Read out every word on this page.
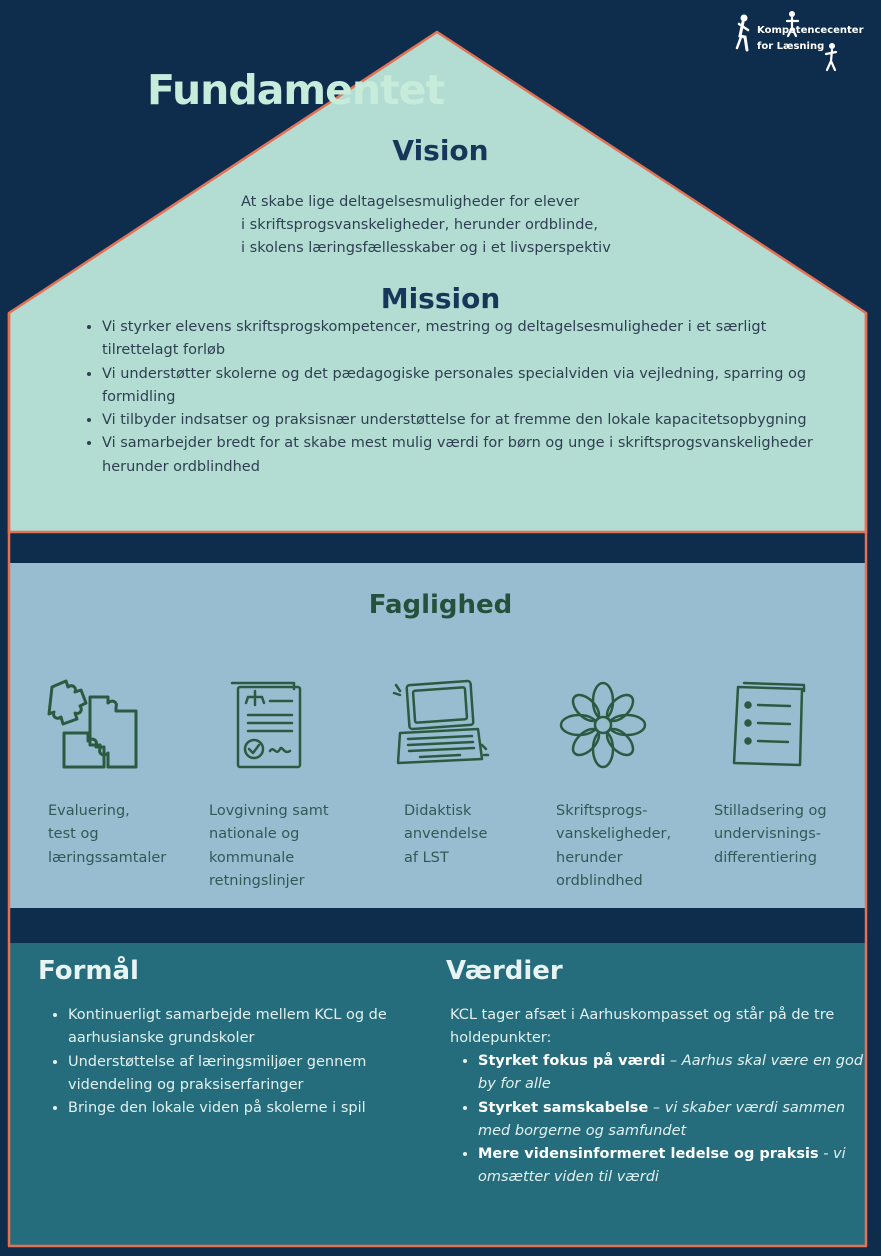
Kompetencecenter
for Læsning
Fundamentet
Vision
At skabe lige deltagelsesmuligheder for elever
i skriftsprogsvanskeligheder, herunder ordblinde,
i skolens læringsfællesskaber og i et livsperspektiv
Mission
• Vi styrker elevens skriftsprogskompetencer, mestring og deltagelsesmuligheder i et særligt tilrettelagt forløb
• Vi understøtter skolerne og det pædagogiske personales specialviden via vejledning, sparring og formidling
• Vi tilbyder indsatser og praksisnær understøttelse for at fremme den lokale kapacitetsopbygning
• Vi samarbejder bredt for at skabe mest mulig værdi for børn og unge i skriftsprogsvanskeligheder herunder ordblindhed
Faglighed
Evaluering,
test og
læringssamtaler
Lovgivning samt
nationale og
kommunale
retningslinjer
Didaktisk
anvendelse
af LST
Skriftsprogs-
vanskeligheder,
herunder
ordblindhed
Stilladsering og
undervisnings-
differentiering
Formål
• Kontinuerligt samarbejde mellem KCL og de aarhusianske grundskoler
• Understøttelse af læringsmiljøer gennem videndeling og praksiserfaringer
• Bringe den lokale viden på skolerne i spil
Værdier
KCL tager afsæt i Aarhuskompasset og står på de tre holdepunkter:
• Styrket fokus på værdi – Aarhus skal være en god by for alle
• Styrket samskabelse – vi skaber værdi sammen med borgerne og samfundet
• Mere vidensinformeret ledelse og praksis - vi omsætter viden til værdi
